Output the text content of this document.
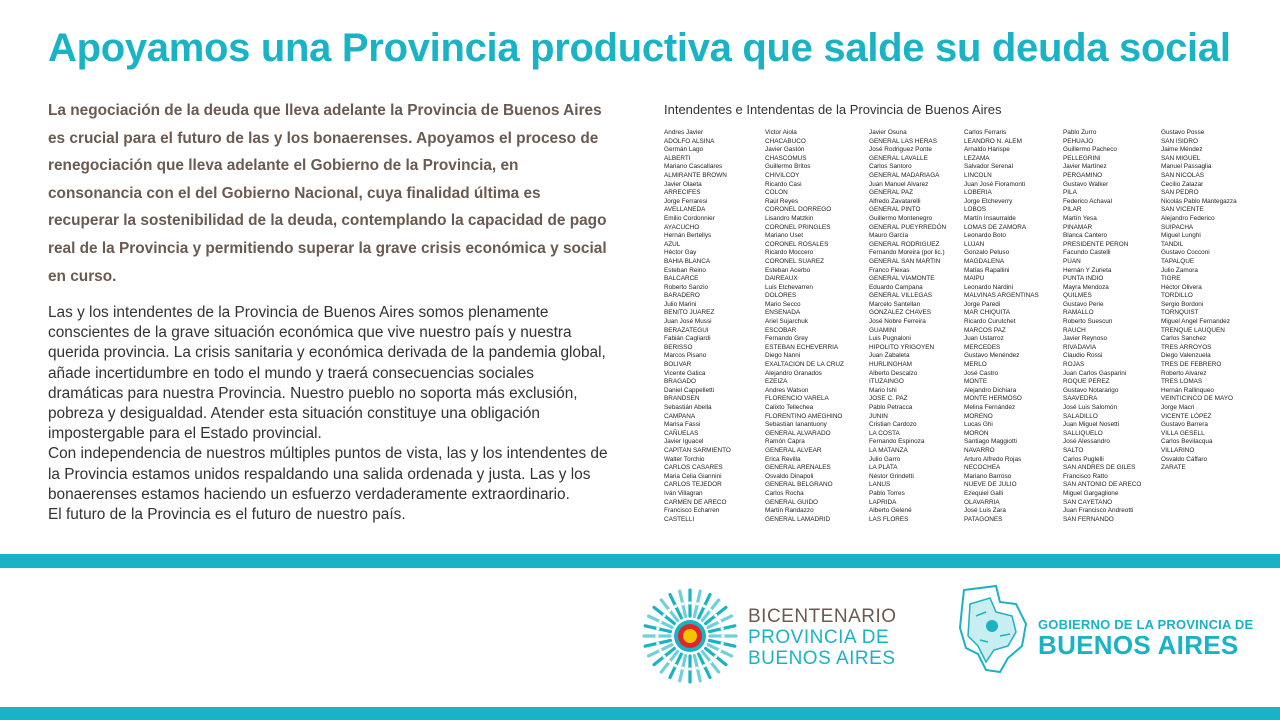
Apoyamos una Provincia productiva que salde su deuda social
La negociación de la deuda que lleva adelante la Provincia de Buenos Aires es crucial para el futuro de las y los bonaerenses. Apoyamos el proceso de renegociación que lleva adelante el Gobierno de la Provincia, en consonancia con el del Gobierno Nacional, cuya finalidad última es recuperar la sostenibilidad de la deuda, contemplando la capacidad de pago real de la Provincia y permitiendo superar la grave crisis económica y social en curso.

Las y los intendentes de la Provincia de Buenos Aires somos plenamente conscientes de la grave situación económica que vive nuestro país y nuestra querida provincia. La crisis sanitaria y económica derivada de la pandemia global, añade incertidumbre en todo el mundo y traerá consecuencias sociales dramáticas para nuestra Provincia. Nuestro pueblo no soporta más exclusión, pobreza y desigualdad. Atender esta situación constituye una obligación impostergable para el Estado provincial.

Con independencia de nuestros múltiples puntos de vista, las y los intendentes de la Provincia estamos unidos respaldando una salida ordenada y justa. Las y los bonaerenses estamos haciendo un esfuerzo verdaderamente extraordinario.

El futuro de la Provincia es el futuro de nuestro país.

Intendentes e Intendentas de la Provincia de Buenos Aires
Andres Javier
ADOLFO ALSINA
Germán Lago
ALBERTI
Mariano Cascallares
ALMIRANTE BROWN
Javier Olaeta
ARRECIFES
Jorge Ferraresi
AVELLANEDA
Emilio Cordonnier
AYACUCHO
Hernán Bertellys
AZUL
Héctor Gay
BAHIA BLANCA
Esteban Reino
BALCARCE
Roberto Sanzio
BARADERO
Julio Marini
BENITO JUAREZ
Juan José Mussi
BERAZATEGUI
Fabián Cagliardi
BERISSO
Marcos Pisano
BOLIVAR
Vicente Gatica
BRAGADO
Daniel Cappelletti
BRANDSEN
Sebastián Abella
CAMPANA
Marisa Fassi
CAÑUELAS
Javier Iguacel
CAPITAN SARMIENTO
Walter Torchio
CARLOS CASARES
Maria Celia Giannini
CARLOS TEJEDOR
Iván Villagran
CARMEN DE ARECO
Francisco Echarren
CASTELLI
Victor Aiola
CHACABUCO
Javier Gastón
CHASCOMUS
Guillermo Britos
CHIVILCOY
Ricardo Casi
COLON
Raúl Reyes
CORONEL DORREGO
Lisandro Matzkin
CORONEL PRINGLES
Mariano Uset
CORONEL ROSALES
Ricardo Moccero
CORONEL SUAREZ
Esteban Acerbo
DAIREAUX
Luis Etchevarren
DOLORES
Mario Secco
ENSENADA
Ariel Sujarchuk
ESCOBAR
Fernando Grey
ESTEBAN ECHEVERRIA
Diego Nanni
EXALTACION DE LA CRUZ
Alejandro Granados
EZEIZA
Andres Watson
FLORENCIO VARELA
Calixto Tellechea
FLORENTINO AMEGHINO
Sebastian Ianantuony
GENERAL ALVARADO
Ramón Capra
GENERAL ALVEAR
Erica Revilla
GENERAL ARENALES
Osvaldo Dinapoli
GENERAL BELGRANO
Carlos Rocha
GENERAL GUIDO
Martín Randazzo
GENERAL LAMADRID
Javier Osuna
GENERAL LAS HERAS
José Rodriguez Ponte
GENERAL LAVALLE
Carlos Santoro
GENERAL MADARIAGA
Juan Manuel Alvarez
GENERAL PAZ
Alfredo Zavatarelli
GENERAL PINTO
Guillermo Montenegro
GENERAL PUEYRREDÓN
Mauro García
GENERAL RODRIGUEZ
Fernando Moreira (por lic.)
GENERAL SAN MARTIN
Franco Flexas
GENERAL VIAMONTE
Eduardo Campana
GENERAL VILLEGAS
Marcelo Santellan
GONZALEZ CHAVES
José Nobre Ferreira
GUAMINI
Luis Pugnaloni
HIPOLITO YRIGOYEN
Juan Zabaleta
HURLINGHAM
Alberto Descalzo
ITUZAINGO
Mario Ishi
JOSE C. PAZ
Pablo Petracca
JUNIN
Cristian Cardozo
LA COSTA
Fernando Espinoza
LA MATANZA
Julio Garro
LA PLATA
Néstor Grindetti
LANUS
Pablo Torres
LAPRIDA
Alberto Gelené
LAS FLORES
Carlos Ferraris
LEANDRO N. ALEM
Arnaldo Harispe
LEZAMA
Salvador Serenal
LINCOLN
Juan José Fioramonti
LOBERIA
Jorge Etcheverry
LOBOS
Martín Insaurralde
LOMAS DE ZAMORA
Leonardo Boto
LUJAN
Gonzalo Peluso
MAGDALENA
Matías Rapallini
MAIPU
Leonardo Nardini
MALVINAS ARGENTINAS
Jorge Paredi
MAR CHIQUITA
Ricardo Curutchet
MARCOS PAZ
Juan Ustarroz
MERCEDES
Gustavo Menéndez
MERLO
José Castro
MONTE
Alejandro Dichiara
MONTE HERMOSO
Melina Fernández
MORENO
Lucas Ghi
MORON
Santiago Maggiotti
NAVARRO
Arturo Alfredo Rojas
NECOCHEA
Mariano Barroso
NUEVE DE JULIO
Ezequiel Galli
OLAVARRIA
José Luis Zara
PATAGONES
Pablo Zurro
PEHUAJO
Guillermo Pacheco
PELLEGRINI
Javier Martínez
PERGAMINO
Gustavo Walker
PILA
Federico Achaval
PILAR
Martín Yesa
PINAMAR
Blanca Cantero
PRESIDENTE PERON
Facundo Castelli
PUAN
Hernán Y Zurieta
PUNTA INDIO
Mayra Mendoza
QUILMES
Gustavo Perie
RAMALLO
Roberto Suescun
RAUCH
Javier Reynoso
RIVADAVIA
Claudio Rossi
ROJAS
Juan Carlos Gasparini
ROQUE PEREZ
Gustavo Notararigo
SAAVEDRA
José Luis Salomón
SALADILLO
Juan Miguel Nosetti
SALLIQUELO
José Alessandro
SALTO
Carlos Puglelli
SAN ANDRES DE GILES
Francisco Ratto
SAN ANTONIO DE ARECO
Miguel Gargaglione
SAN CAYETANO
Juan Francisco Andreotti
SAN FERNANDO
Gustavo Posse
SAN ISIDRO
Jaime Méndez
SAN MIGUEL
Manuel Passaglia
SAN NICOLAS
Cecilio Zalazar
SAN PEDRO
Nicolás Pablo Mantegazza
SAN VICENTE
Alejandro Federico
SUIPACHA
Miguel Lunghi
TANDIL
Gustavo Cocconi
TAPALQUE
Julio Zamora
TIGRE
Héctor Olivera
TORDILLO
Sergio Bordoni
TORNQUIST
Miguel Angel Fernandez
TRENQUE LAUQUEN
Carlos Sanchez
TRES ARROYOS
Diego Valenzuela
TRES DE FEBRERO
Roberto Alvarez
TRES LOMAS
Hernán Rallinqueo
VEINTICINCO DE MAYO
Jorge Macri
VICENTE LÓPEZ
Gustavo Barrera
VILLA GESELL
Carlos Bevilacqua
VILLARINO
Osvaldo Cáffaro
ZARATE
BICENTENARIO
PROVINCIA DE
BUENOS AIRES
GOBIERNO DE LA PROVINCIA DE
BUENOS AIRES
